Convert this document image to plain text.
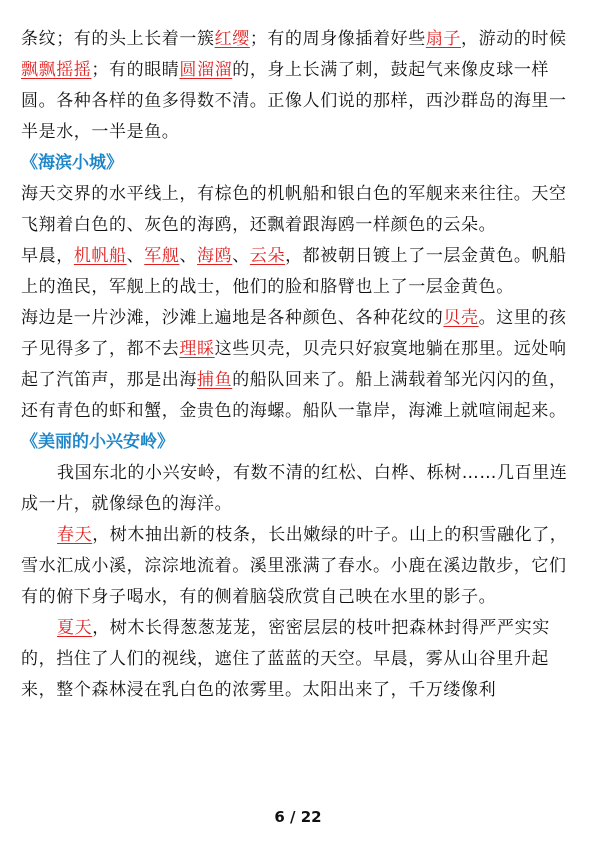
条纹；有的头上长着一簇红缨；有的周身像插着好些扇子，游动的时候飘飘摇摇；有的眼睛圆溜溜的，身上长满了刺，鼓起气来像皮球一样圆。各种各样的鱼多得数不清。正像人们说的那样，西沙群岛的海里一半是水，一半是鱼。

《海滨小城》

海天交界的水平线上，有棕色的机帆船和银白色的军舰来来往往。天空飞翔着白色的、灰色的海鸥，还飘着跟海鸥一样颜色的云朵。

早晨，机帆船、军舰、海鸥、云朵，都被朝日镀上了一层金黄色。帆船上的渔民，军舰上的战士，他们的脸和胳臂也上了一层金黄色。

海边是一片沙滩，沙滩上遍地是各种颜色、各种花纹的贝壳。这里的孩子见得多了，都不去理睬这些贝壳，贝壳只好寂寞地躺在那里。远处响起了汽笛声，那是出海捕鱼的船队回来了。船上满载着邹光闪闪的鱼，还有青色的虾和蟹，金贵色的海螺。船队一靠岸，海滩上就喧闹起来。

《美丽的小兴安岭》

我国东北的小兴安岭，有数不清的红松、白桦、栎树……几百里连成一片，就像绿色的海洋。

春天，树木抽出新的枝条，长出嫩绿的叶子。山上的积雪融化了，雪水汇成小溪，淙淙地流着。溪里涨满了春水。小鹿在溪边散步，它们有的俯下身子喝水，有的侧着脑袋欣赏自己映在水里的影子。

夏天，树木长得葱葱茏茏，密密层层的枝叶把森林封得严严实实的，挡住了人们的视线，遮住了蓝蓝的天空。早晨，雾从山谷里升起来，整个森林浸在乳白色的浓雾里。太阳出来了，千万缕像利

6 / 22
